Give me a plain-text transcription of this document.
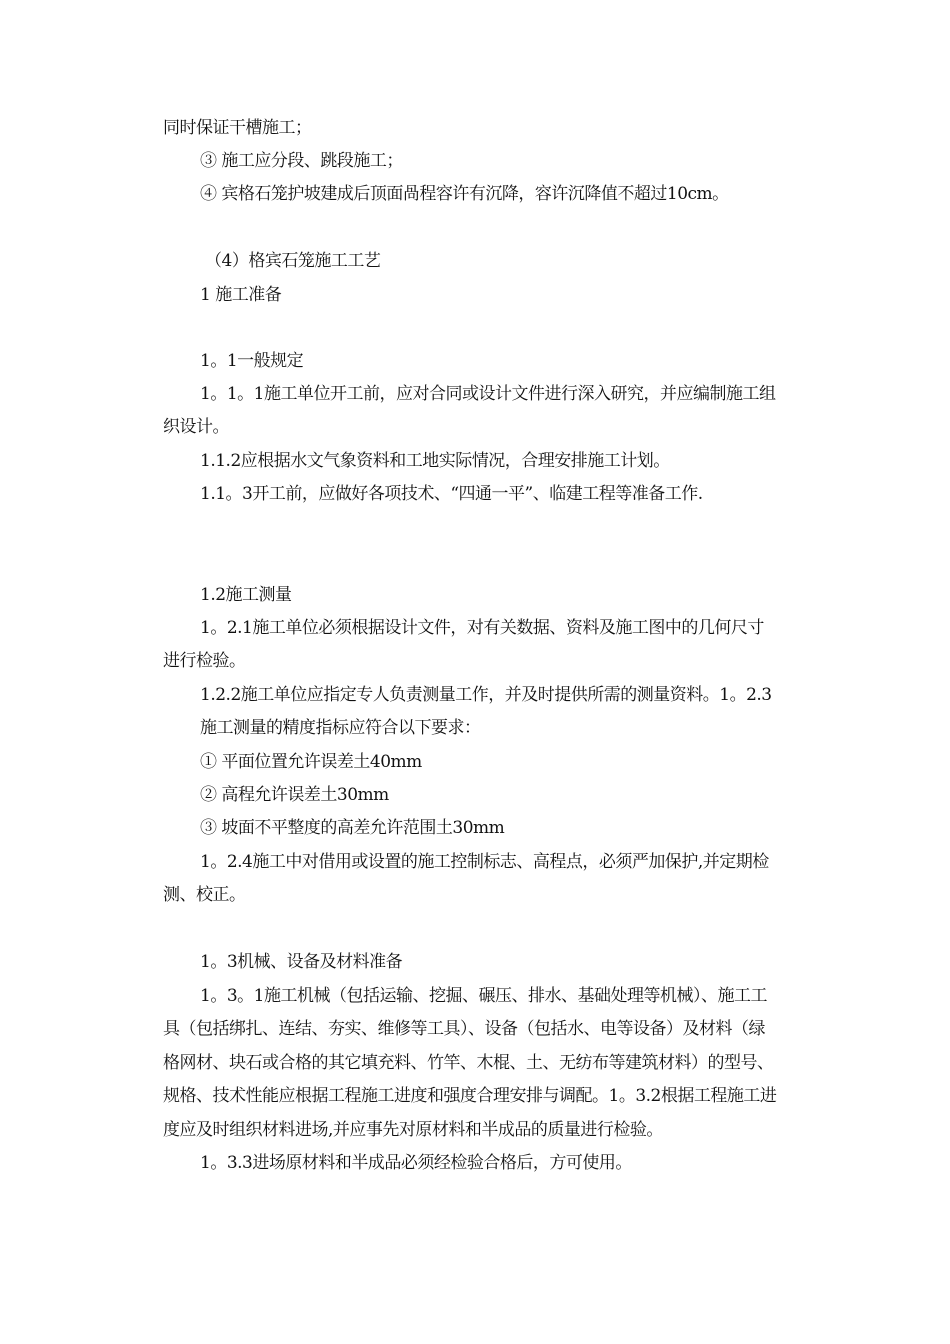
同时保证干槽施工；
③ 施工应分段、跳段施工；
④ 宾格石笼护坡建成后顶面咼程容许有沉降，容许沉降值不超过10cm。
（4）格宾石笼施工工艺
1 施工准备
1。1一般规定
1。1。1施工单位开工前，应对合同或设计文件进行深入研究，并应编制施工组
织设计。
1.1.2应根据水文气象资料和工地实际情况，合理安排施工计划。
1.1。3开工前，应做好各项技术、“四通一平”、临建工程等准备工作.
1.2施工测量
1。2.1施工单位必须根据设计文件，对有关数据、资料及施工图中的几何尺寸
进行检验。
1.2.2施工单位应指定专人负责测量工作，并及时提供所需的测量资料。1。2.3
施工测量的精度指标应符合以下要求：
① 平面位置允许误差土40mm
② 高程允许误差土30mm
③ 坡面不平整度的高差允许范围土30mm
1。2.4施工中对借用或设置的施工控制标志、高程点，必须严加保护,并定期检
测、校正。
1。3机械、设备及材料准备
1。3。1施工机械（包括运输、挖掘、碾压、排水、基础处理等机械）、施工工
具（包括绑扎、连结、夯实、维修等工具）、设备（包括水、电等设备）及材料（绿
格网材、块石或合格的其它填充料、竹竿、木棍、土、无纺布等建筑材料）的型号、
规格、技术性能应根据工程施工进度和强度合理安排与调配。1。3.2根据工程施工进
度应及时组织材料进场,并应事先对原材料和半成品的质量进行检验。
1。3.3进场原材料和半成品必须经检验合格后，方可使用。
